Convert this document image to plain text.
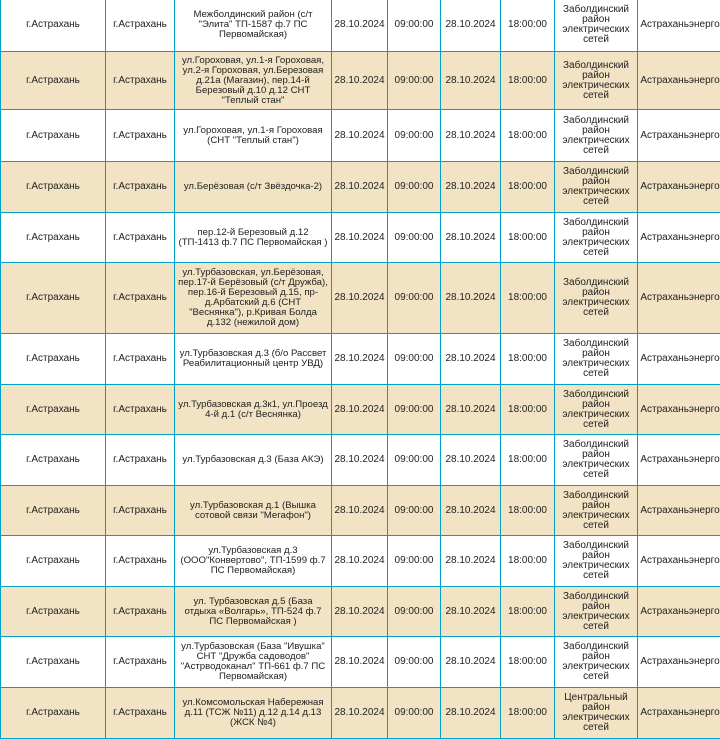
г.Астрахань	г.Астрахань	Межболдинский район (с/т "Элита" ТП-1587 ф.7 ПС Первомайская)	28.10.2024	09:00:00	28.10.2024	18:00:00	Заболдинский район электрических сетей	Астраханьэнерго
г.Астрахань	г.Астрахань	ул.Гороховая, ул.1-я Гороховая, ул.2-я Гороховая, ул.Березовая д.21а (Магазин), пер.14-й Березовый д.10 д.12 СНТ "Теплый стан"	28.10.2024	09:00:00	28.10.2024	18:00:00	Заболдинский район электрических сетей	Астраханьэнерго
г.Астрахань	г.Астрахань	ул.Гороховая, ул.1-я Гороховая (СНТ "Теплый стан")	28.10.2024	09:00:00	28.10.2024	18:00:00	Заболдинский район электрических сетей	Астраханьэнерго
г.Астрахань	г.Астрахань	ул.Берёзовая (с/т Звёздочка-2)	28.10.2024	09:00:00	28.10.2024	18:00:00	Заболдинский район электрических сетей	Астраханьэнерго
г.Астрахань	г.Астрахань	пер.12-й Березовый д.12 (ТП-1413 ф.7 ПС Первомайская )	28.10.2024	09:00:00	28.10.2024	18:00:00	Заболдинский район электрических сетей	Астраханьэнерго
г.Астрахань	г.Астрахань	ул.Турбазовская, ул.Берёзовая, пер.17-й Берёзовый (с/т Дружба), пер.16-й Березовый д.15, пр-д.Арбатский д.6 (СНТ "Веснянка"), р.Кривая Болда д.132 (нежилой дом)	28.10.2024	09:00:00	28.10.2024	18:00:00	Заболдинский район электрических сетей	Астраханьэнерго
г.Астрахань	г.Астрахань	ул.Турбазовская д.3 (б/о Рассвет Реабилитационный центр УВД)	28.10.2024	09:00:00	28.10.2024	18:00:00	Заболдинский район электрических сетей	Астраханьэнерго
г.Астрахань	г.Астрахань	ул.Турбазовская д.3к1, ул.Проезд 4-й д.1 (с/т Веснянка)	28.10.2024	09:00:00	28.10.2024	18:00:00	Заболдинский район электрических сетей	Астраханьэнерго
г.Астрахань	г.Астрахань	ул.Турбазовская д.3 (База АКЭ)	28.10.2024	09:00:00	28.10.2024	18:00:00	Заболдинский район электрических сетей	Астраханьэнерго
г.Астрахань	г.Астрахань	ул.Турбазовская д.1 (Вышка сотовой связи "Мегафон")	28.10.2024	09:00:00	28.10.2024	18:00:00	Заболдинский район электрических сетей	Астраханьэнерго
г.Астрахань	г.Астрахань	ул.Турбазовская д.3 (ООО"Конвертово", ТП-1599 ф.7 ПС Первомайская)	28.10.2024	09:00:00	28.10.2024	18:00:00	Заболдинский район электрических сетей	Астраханьэнерго
г.Астрахань	г.Астрахань	ул. Турбазовская д.5 (База отдыха «Волгарь», ТП-524 ф.7 ПС Первомайская )	28.10.2024	09:00:00	28.10.2024	18:00:00	Заболдинский район электрических сетей	Астраханьэнерго
г.Астрахань	г.Астрахань	ул.Турбазовская (База "Ивушка" СНТ "Дружба садоводов" "Астрводоканал" ТП-661 ф.7 ПС Первомайская)	28.10.2024	09:00:00	28.10.2024	18:00:00	Заболдинский район электрических сетей	Астраханьэнерго
г.Астрахань	г.Астрахань	ул.Комсомольская Набережная д.11 (ТСЖ №11) д.12 д.14 д.13 (ЖСК №4)	28.10.2024	09:00:00	28.10.2024	18:00:00	Центральный район электрических сетей	Астраханьэнерго
